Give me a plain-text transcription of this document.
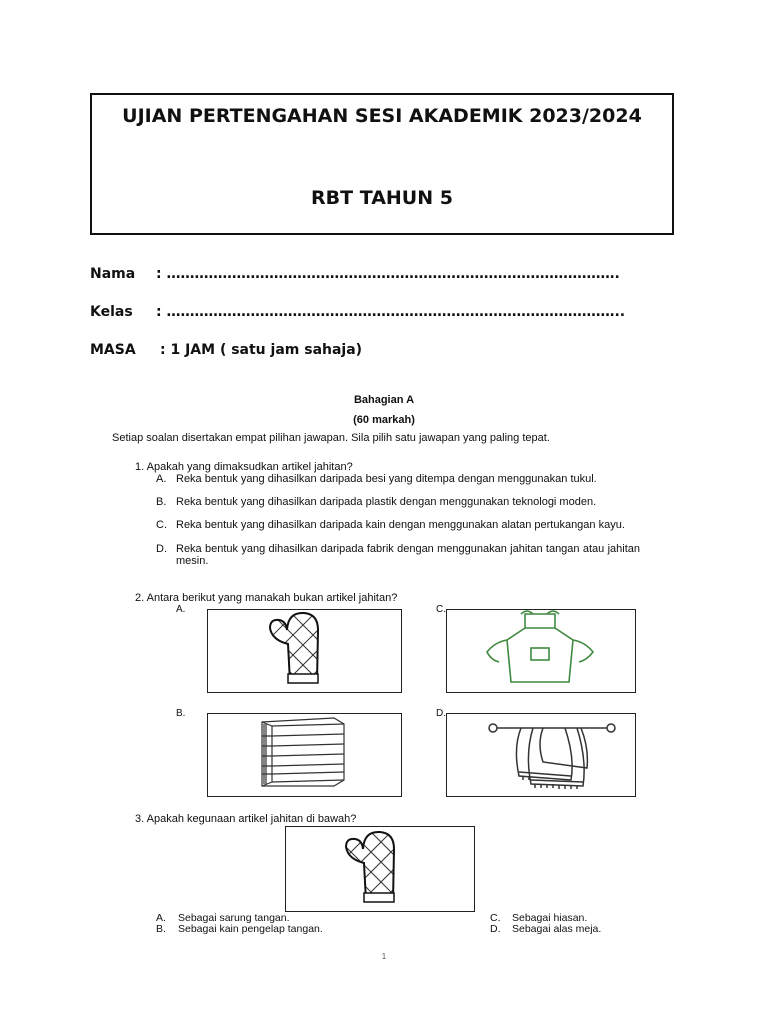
UJIAN PERTENGAHAN SESI AKADEMIK 2023/2024
RBT TAHUN 5
Nama : …………………………………………………………………………………….
Kelas : ……………………………………………………………………………………..
MASA : 1 JAM ( satu jam sahaja)
Bahagian A
(60 markah)
Setiap soalan disertakan empat pilihan jawapan. Sila pilih satu jawapan yang paling tepat.
1. Apakah yang dimaksudkan artikel jahitan?
A. Reka bentuk yang dihasilkan daripada besi yang ditempa dengan menggunakan tukul.
B. Reka bentuk yang dihasilkan daripada plastik dengan menggunakan teknologi moden.
C. Reka bentuk yang dihasilkan daripada kain dengan menggunakan alatan pertukangan kayu.
D. Reka bentuk yang dihasilkan daripada fabrik dengan menggunakan jahitan tangan atau jahitan mesin.
2. Antara berikut yang manakah bukan artikel jahitan?
A.	C.
B.	D.
3. Apakah kegunaan artikel jahitan di bawah?
A. Sebagai sarung tangan.
B. Sebagai kain pengelap tangan.
C. Sebagai hiasan.
D. Sebagai alas meja.
1
